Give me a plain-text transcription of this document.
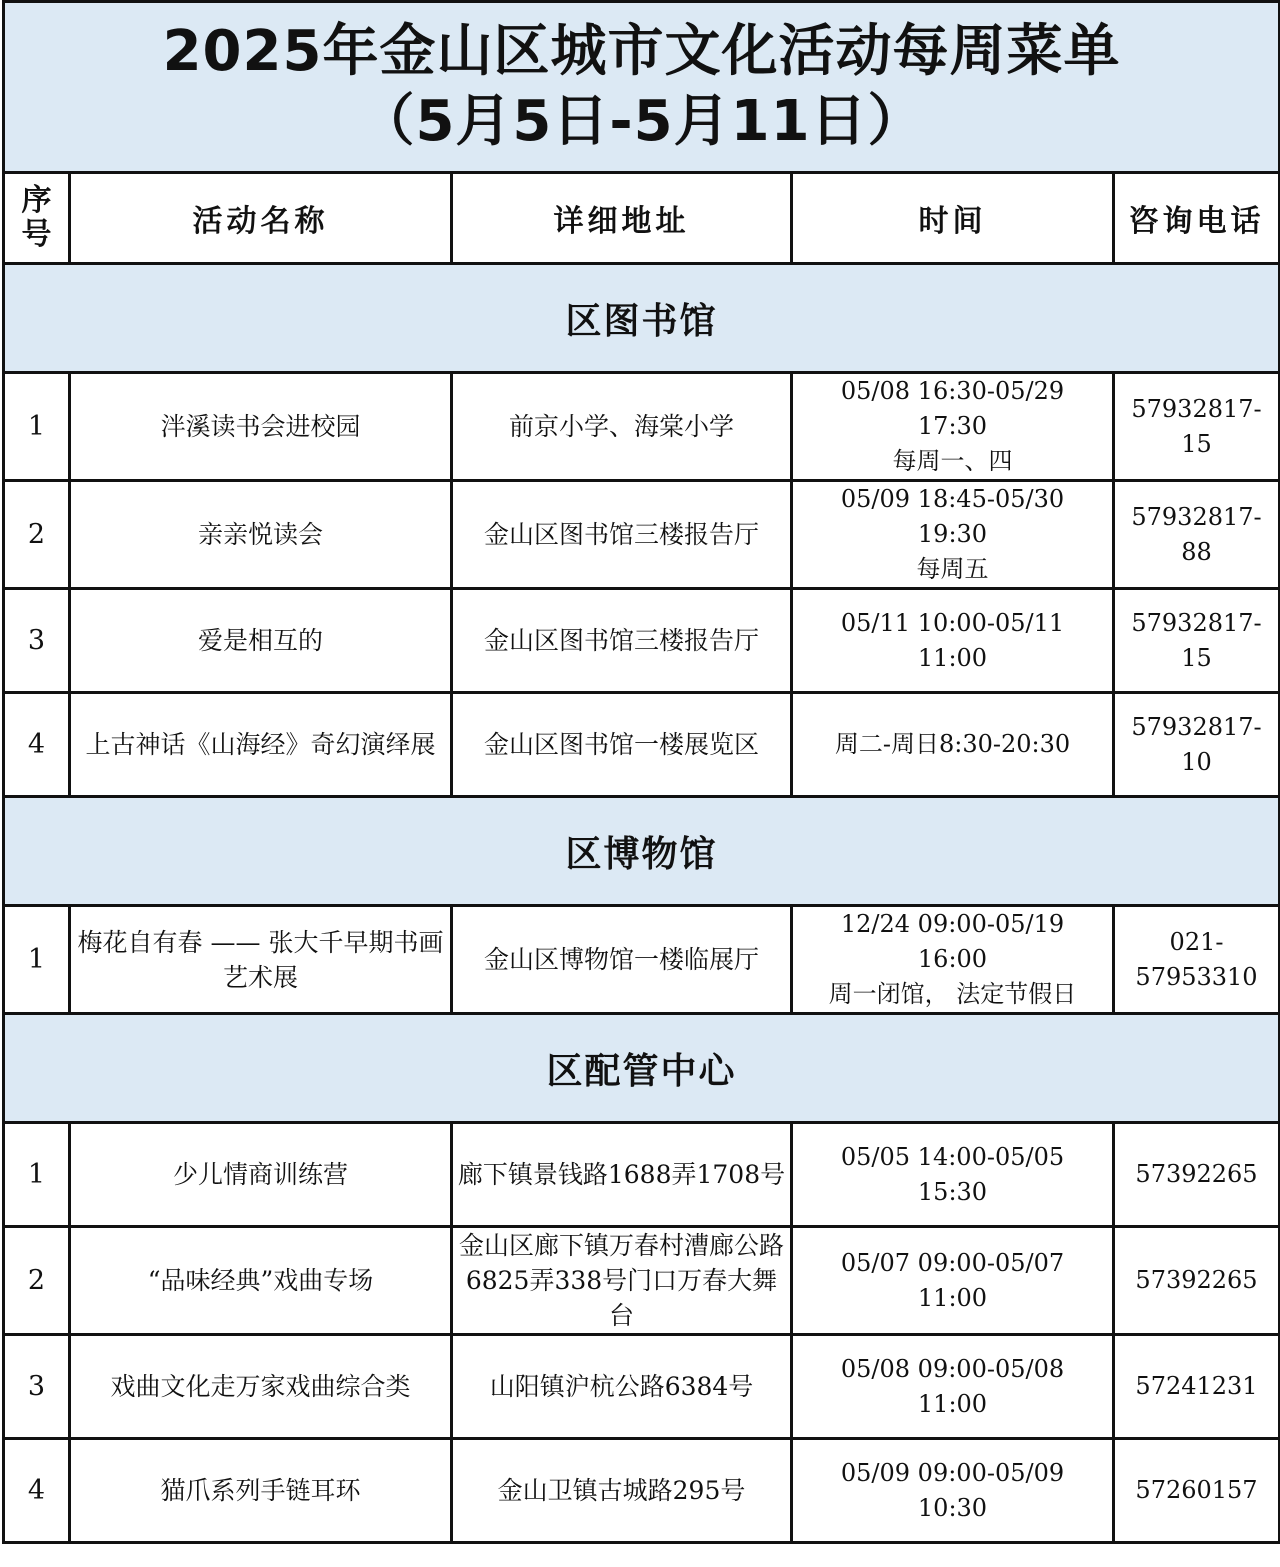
2025年金山区城市文化活动每周菜单
（5月5日-5月11日）				

序
号	活动名称	详细地址	时间	咨询电话
区图书馆				
1	泮溪读书会进校园	前京小学、海棠小学	05/08 16:30-05/29
17:30
每周一、四	57932817-15
2	亲亲悦读会	金山区图书馆三楼报告厅	05/09 18:45-05/30
19:30
每周五	57932817-88
3	爱是相互的	金山区图书馆三楼报告厅	05/11 10:00-05/11
11:00	57932817-15
4	上古神话《山海经》奇幻演绎展	金山区图书馆一楼展览区	周二-周日8:30-20:30	57932817-10
区博物馆				
1	梅花自有春 —— 张大千早期书画艺术展	金山区博物馆一楼临展厅	12/24 09:00-05/19
16:00
周一闭馆， 法定节假日	021-57953310
区配管中心				
1	少儿情商训练营	廊下镇景钱路1688弄1708号	05/05 14:00-05/05
15:30	57392265
2	“品味经典”戏曲专场	金山区廊下镇万春村漕廊公路6825弄338号门口万春大舞台	05/07 09:00-05/07
11:00	57392265
3	戏曲文化走万家戏曲综合类	山阳镇沪杭公路6384号	05/08 09:00-05/08
11:00	57241231
4	猫爪系列手链耳环	金山卫镇古城路295号	05/09 09:00-05/09
10:30	57260157
